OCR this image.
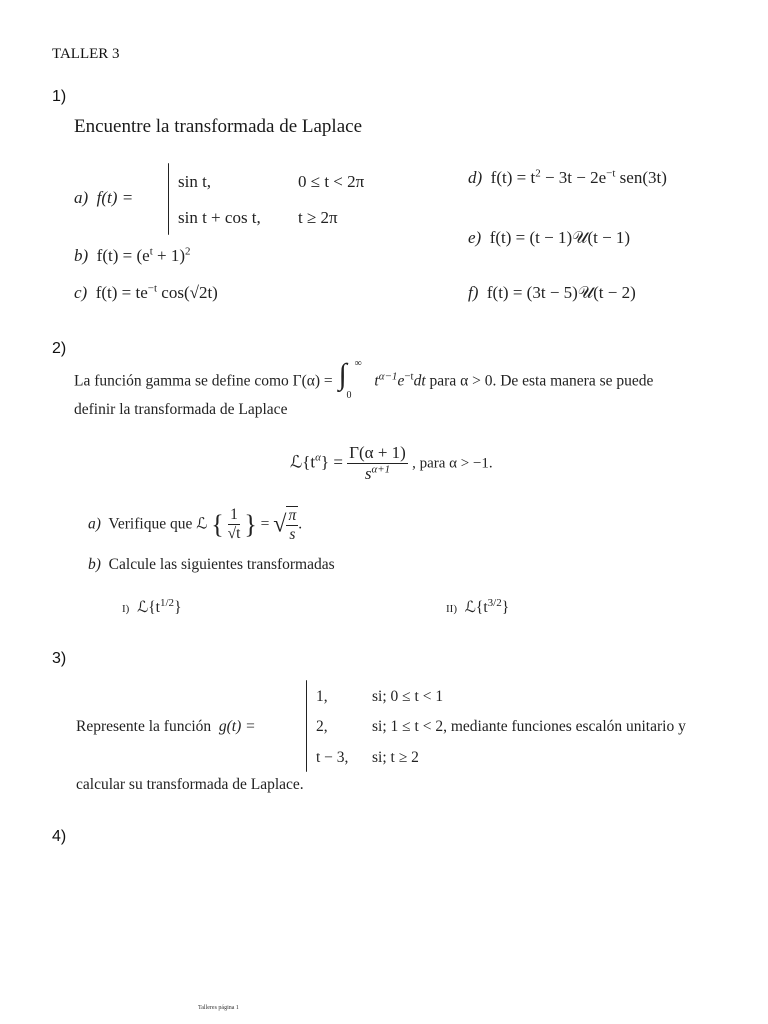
TALLER 3
1)
Encuentre la transformada de Laplace
a) f(t) =
sin t,	0 ≤ t < 2π
sin t + cos t, t ≥ 2π
b) $f(t) = (e^t + 1)^2$
c) $f(t) = te^{-t}$ cos(√2t)
d) $f(t) = t^2 - 3t - 2e^{-t}$ sen(3t)
e) f(t) = (t − 1)𝒰(t − 1)
f) f(t) = (3t − 5)𝒰(t − 2)
2)
La función gamma se define como Γ(α) = ∫ ∞
0
$t^{\alpha-1}e^{-t}dt$ para α > 0. De esta manera se puede
definir la transformada de Laplace
$ℒ\{t^\alpha\} = \frac{\Gamma(\alpha + 1)}{s^{\alpha+1}}$ , para α > −1.
a) Verifique que ℒ { $\frac{1}{√t}$ } = √ $\frac{\pi}{s}$ .
b) Calcule las siguientes transformadas
I) $ℒ\{t^{1/2}\}$	II) $ℒ\{t^{3/2}\}$
3)
Represente la función g(t) =
1,	si; 0 ≤ t < 1
2,	si; 1 ≤ t < 2, mediante funciones escalón unitario y
t − 3, si; t ≥ 2
calcular su transformada de Laplace.
4)
Talleres página 1
